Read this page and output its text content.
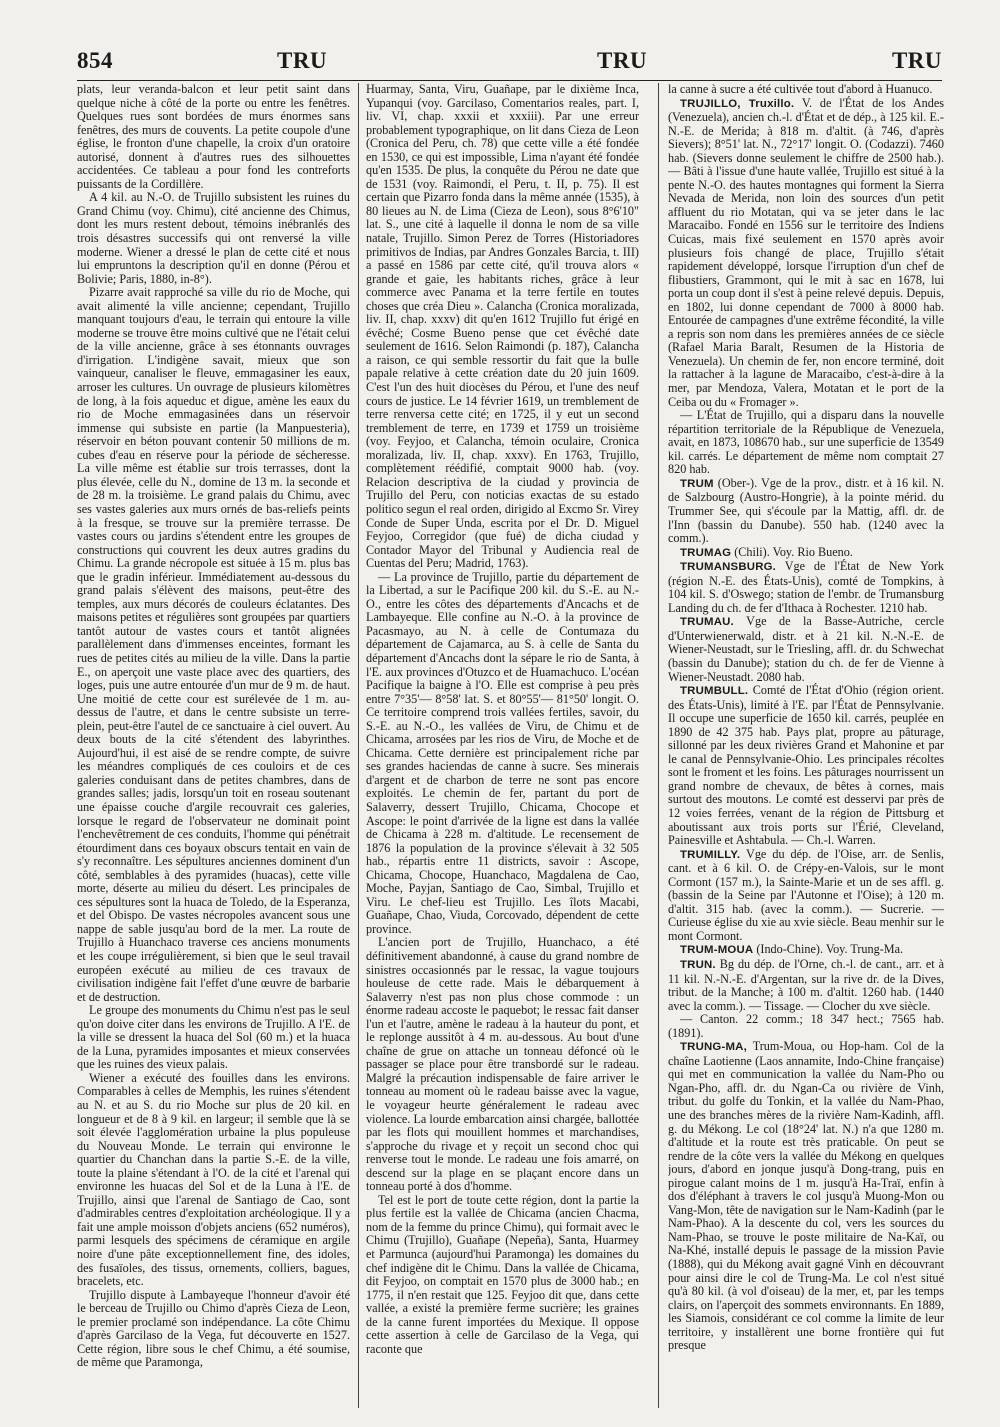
854	TRU	TRU	TRU

plats, leur veranda-balcon et leur petit saint dans quelque niche à côté de la porte ou entre les fenêtres. Quelques rues sont bordées de murs énormes sans fenêtres, des murs de couvents. La petite coupole d'une église, le fronton d'une chapelle, la croix d'un oratoire autorisé, donnent à d'autres rues des silhouettes accidentées. Ce tableau a pour fond les contreforts puissants de la Cordillère.

A 4 kil. au N.-O. de Trujillo subsistent les ruines du Grand Chimu (voy. Chimu), cité ancienne des Chimus, dont les murs restent debout, témoins inébranlés des trois désastres successifs qui ont renversé la ville moderne. Wiener a dressé le plan de cette cité et nous lui empruntons la description qu'il en donne (Pérou et Bolivie; Paris, 1880, in-8°).

Pizarre avait rapproché sa ville du rio de Moche, qui avait alimenté la ville ancienne; cependant, Trujillo manquant toujours d'eau, le terrain qui entoure la ville moderne se trouve être moins cultivé que ne l'était celui de la ville ancienne, grâce à ses étonnants ouvrages d'irrigation. L'indigène savait, mieux que son vainqueur, canaliser le fleuve, emmagasiner les eaux, arroser les cultures. Un ouvrage de plusieurs kilomètres de long, à la fois aqueduc et digue, amène les eaux du rio de Moche emmagasinées dans un réservoir immense qui subsiste en partie (la Manpuesteria), réservoir en béton pouvant contenir 50 millions de m. cubes d'eau en réserve pour la période de sécheresse. La ville même est établie sur trois terrasses, dont la plus élevée, celle du N., domine de 13 m. la seconde et de 28 m. la troisième. Le grand palais du Chimu, avec ses vastes galeries aux murs ornés de bas-reliefs peints à la fresque, se trouve sur la première terrasse. De vastes cours ou jardins s'étendent entre les groupes de constructions qui couvrent les deux autres gradins du Chimu. La grande nécropole est située à 15 m. plus bas que le gradin inférieur. Immédiatement au-dessous du grand palais s'élèvent des maisons, peut-être des temples, aux murs décorés de couleurs éclatantes. Des maisons petites et régulières sont groupées par quartiers tantôt autour de vastes cours et tantôt alignées parallèlement dans d'immenses enceintes, formant les rues de petites cités au milieu de la ville. Dans la partie E., on aperçoit une vaste place avec des quartiers, des loges, puis une autre entourée d'un mur de 9 m. de haut. Une moitié de cette cour est surélevée de 1 m. au-dessus de l'autre, et dans le centre subsiste un terre-plein, peut-être l'autel de ce sanctuaire à ciel ouvert. Au deux bouts de la cité s'étendent des labyrinthes. Aujourd'hui, il est aisé de se rendre compte, de suivre les méandres compliqués de ces couloirs et de ces galeries conduisant dans de petites chambres, dans de grandes salles; jadis, lorsqu'un toit en roseau soutenant une épaisse couche d'argile recouvrait ces galeries, lorsque le regard de l'observateur ne dominait point l'enchevêtrement de ces conduits, l'homme qui pénétrait étourdiment dans ces boyaux obscurs tentait en vain de s'y reconnaître. Les sépultures anciennes dominent d'un côté, semblables à des pyramides (huacas), cette ville morte, déserte au milieu du désert. Les principales de ces sépultures sont la huaca de Toledo, de la Esperanza, et del Obispo. De vastes nécropoles avancent sous une nappe de sable jusqu'au bord de la mer. La route de Trujillo à Huanchaco traverse ces anciens monuments et les coupe irrégulièrement, si bien que le seul travail européen exécuté au milieu de ces travaux de civilisation indigène fait l'effet d'une œuvre de barbarie et de destruction.

Le groupe des monuments du Chimu n'est pas le seul qu'on doive citer dans les environs de Trujillo. A l'E. de la ville se dressent la huaca del Sol (60 m.) et la huaca de la Luna, pyramides imposantes et mieux conservées que les ruines des vieux palais.

Wiener a exécuté des fouilles dans les environs. Comparables à celles de Memphis, les ruines s'étendent au N. et au S. du rio Moche sur plus de 20 kil. en longueur et de 8 à 9 kil. en largeur; il semble que là se soit élevée l'agglomération urbaine la plus populeuse du Nouveau Monde. Le terrain qui environne le quartier du Chanchan dans la partie S.-E. de la ville, toute la plaine s'étendant à l'O. de la cité et l'arenal qui environne les huacas del Sol et de la Luna à l'E. de Trujillo, ainsi que l'arenal de Santiago de Cao, sont d'admirables centres d'exploitation archéologique. Il y a fait une ample moisson d'objets anciens (652 numéros), parmi lesquels des spécimens de céramique en argile noire d'une pâte exceptionnellement fine, des idoles, des fusaïoles, des tissus, ornements, colliers, bagues, bracelets, etc.

Trujillo dispute à Lambayeque l'honneur d'avoir été le berceau de Trujillo ou Chimo d'après Cieza de Leon, le premier proclamé son indépendance. La côte Chimu d'après Garcilaso de la Vega, fut découverte en 1527. Cette région, libre sous le chef Chimu, a été soumise, de même que Paramonga,

Huarmay, Santa, Viru, Guañape, par le dixième Inca, Yupanqui (voy. Garcilaso, Comentarios reales, part. I, liv. VI, chap. xxxii et xxxiii). Par une erreur probablement typographique, on lit dans Cieza de Leon (Cronica del Peru, ch. 78) que cette ville a été fondée en 1530, ce qui est impossible, Lima n'ayant été fondée qu'en 1535. De plus, la conquête du Pérou ne date que de 1531 (voy. Raimondi, el Peru, t. II, p. 75). Il est certain que Pizarro fonda dans la même année (1535), à 80 lieues au N. de Lima (Cieza de Leon), sous 8°6'10" lat. S., une cité à laquelle il donna le nom de sa ville natale, Trujillo. Simon Perez de Torres (Historiadores primitivos de Indias, par Andres Gonzales Barcia, t. III) a passé en 1586 par cette cité, qu'il trouva alors « grande et gaie, les habitants riches, grâce à leur commerce avec Panama et la terre fertile en toutes choses que créa Dieu ». Calancha (Cronica moralizada, liv. II, chap. xxxv) dit qu'en 1612 Trujillo fut érigé en évêché; Cosme Bueno pense que cet évêché date seulement de 1616. Selon Raimondi (p. 187), Calancha a raison, ce qui semble ressortir du fait que la bulle papale relative à cette création date du 20 juin 1609. C'est l'un des huit diocèses du Pérou, et l'une des neuf cours de justice. Le 14 février 1619, un tremblement de terre renversa cette cité; en 1725, il y eut un second tremblement de terre, en 1739 et 1759 un troisième (voy. Feyjoo, et Calancha, témoin oculaire, Cronica moralizada, liv. II, chap. xxxv). En 1763, Trujillo, complètement réédifié, comptait 9000 hab. (voy. Relacion descriptiva de la ciudad y provincia de Trujillo del Peru, con noticias exactas de su estado politico segun el real orden, dirigido al Excmo Sr. Virey Conde de Super Unda, escrita por el Dr. D. Miguel Feyjoo, Corregidor (que fué) de dicha ciudad y Contador Mayor del Tribunal y Audiencia real de Cuentas del Peru; Madrid, 1763).

— La province de Trujillo, partie du département de la Libertad, a sur le Pacifique 200 kil. du S.-E. au N.-O., entre les côtes des départements d'Ancachs et de Lambayeque. Elle confine au N.-O. à la province de Pacasmayo, au N. à celle de Contumaza du département de Cajamarca, au S. à celle de Santa du département d'Ancachs dont la sépare le rio de Santa, à l'E. aux provinces d'Otuzco et de Huamachuco. L'océan Pacifique la baigne à l'O. Elle est comprise à peu près entre 7°35'— 8°58' lat. S. et 80°55'— 81°50' longit. O. Ce territoire comprend trois vallées fertiles, savoir, du S.-E. au N.-O., les vallées de Viru, de Chimu et de Chicama, arrosées par les rios de Viru, de Moche et de Chicama. Cette dernière est principalement riche par ses grandes haciendas de canne à sucre. Ses minerais d'argent et de charbon de terre ne sont pas encore exploités. Le chemin de fer, partant du port de Salaverry, dessert Trujillo, Chicama, Chocope et Ascope: le point d'arrivée de la ligne est dans la vallée de Chicama à 228 m. d'altitude. Le recensement de 1876 la population de la province s'élevait à 32 505 hab., répartis entre 11 districts, savoir : Ascope, Chicama, Chocope, Huanchaco, Magdalena de Cao, Moche, Payjan, Santiago de Cao, Simbal, Trujillo et Viru. Le chef-lieu est Trujillo. Les îlots Macabi, Guañape, Chao, Viuda, Corcovado, dépendent de cette province.

L'ancien port de Trujillo, Huanchaco, a été définitivement abandonné, à cause du grand nombre de sinistres occasionnés par le ressac, la vague toujours houleuse de cette rade. Mais le débarquement à Salaverry n'est pas non plus chose commode : un énorme radeau accoste le paquebot; le ressac fait danser l'un et l'autre, amène le radeau à la hauteur du pont, et le replonge aussitôt à 4 m. au-dessous. Au bout d'une chaîne de grue on attache un tonneau défoncé où le passager se place pour être transbordé sur le radeau. Malgré la précaution indispensable de faire arriver le tonneau au moment où le radeau baisse avec la vague, le voyageur heurte généralement le radeau avec violence. La lourde embarcation ainsi chargée, ballottée par les flots qui mouillent hommes et marchandises, s'approche du rivage et y reçoit un second choc qui renverse tout le monde. Le radeau une fois amarré, on descend sur la plage en se plaçant encore dans un tonneau porté à dos d'homme.

Tel est le port de toute cette région, dont la partie la plus fertile est la vallée de Chicama (ancien Chacma, nom de la femme du prince Chimu), qui formait avec le Chimu (Trujillo), Guañape (Nepeña), Santa, Huarmey et Parmunca (aujourd'hui Paramonga) les domaines du chef indigène dit le Chimu. Dans la vallée de Chicama, dit Feyjoo, on comptait en 1570 plus de 3000 hab.; en 1775, il n'en restait que 125. Feyjoo dit que, dans cette vallée, a existé la première ferme sucrière; les graines de la canne furent importées du Mexique. Il oppose cette assertion à celle de Garcilaso de la Vega, qui raconte que

la canne à sucre a été cultivée tout d'abord à Huanuco.

TRUJILLO, Truxillo. V. de l'État de los Andes (Venezuela), ancien ch.-l. d'État et de dép., à 125 kil. E.-N.-E. de Merida; à 818 m. d'altit. (à 746, d'après Sievers); 8°51' lat. N., 72°17' longit. O. (Codazzi). 7460 hab. (Sievers donne seulement le chiffre de 2500 hab.). — Bâti à l'issue d'une haute vallée, Trujillo est situé à la pente N.-O. des hautes montagnes qui forment la Sierra Nevada de Merida, non loin des sources d'un petit affluent du rio Motatan, qui va se jeter dans le lac Maracaibo. Fondé en 1556 sur le territoire des Indiens Cuicas, mais fixé seulement en 1570 après avoir plusieurs fois changé de place, Trujillo s'était rapidement développé, lorsque l'irruption d'un chef de flibustiers, Grammont, qui le mit à sac en 1678, lui porta un coup dont il s'est à peine relevé depuis. Depuis, en 1802, lui donne cependant de 7000 à 8000 hab. Entourée de campagnes d'une extrême fécondité, la ville a repris son nom dans les premières années de ce siècle (Rafael Maria Baralt, Resumen de la Historia de Venezuela). Un chemin de fer, non encore terminé, doit la rattacher à la lagune de Maracaibo, c'est-à-dire à la mer, par Mendoza, Valera, Motatan et le port de la Ceiba ou du « Fromager ».

— L'État de Trujillo, qui a disparu dans la nouvelle répartition territoriale de la République de Venezuela, avait, en 1873, 108670 hab., sur une superficie de 13549 kil. carrés. Le département de même nom comptait 27 820 hab.

TRUM (Ober-). Vge de la prov., distr. et à 16 kil. N. de Salzbourg (Austro-Hongrie), à la pointe mérid. du Trummer See, qui s'écoule par la Mattig, affl. dr. de l'Inn (bassin du Danube). 550 hab. (1240 avec la comm.).

TRUMAG (Chili). Voy. Rio Bueno.

TRUMANSBURG. Vge de l'État de New York (région N.-E. des États-Unis), comté de Tompkins, à 104 kil. S. d'Oswego; station de l'embr. de Trumansburg Landing du ch. de fer d'Ithaca à Rochester. 1210 hab.

TRUMAU. Vge de la Basse-Autriche, cercle d'Unterwienerwald, distr. et à 21 kil. N.-N.-E. de Wiener-Neustadt, sur le Triesling, affl. dr. du Schwechat (bassin du Danube); station du ch. de fer de Vienne à Wiener-Neustadt. 2080 hab.

TRUMBULL. Comté de l'État d'Ohio (région orient. des États-Unis), limité à l'E. par l'État de Pennsylvanie. Il occupe une superficie de 1650 kil. carrés, peuplée en 1890 de 42 375 hab. Pays plat, propre au pâturage, sillonné par les deux rivières Grand et Mahonine et par le canal de Pennsylvanie-Ohio. Les principales récoltes sont le froment et les foins. Les pâturages nourrissent un grand nombre de chevaux, de bêtes à cornes, mais surtout des moutons. Le comté est desservi par près de 12 voies ferrées, venant de la région de Pittsburg et aboutissant aux trois ports sur l'Érié, Cleveland, Painesville et Ashtabula. — Ch.-l. Warren.

TRUMILLY. Vge du dép. de l'Oise, arr. de Senlis, cant. et à 6 kil. O. de Crépy-en-Valois, sur le mont Cormont (157 m.), la Sainte-Marie et un de ses affl. g. (bassin de la Seine par l'Autonne et l'Oise); à 120 m. d'altit. 315 hab. (avec la comm.). — Sucrerie. — Curieuse église du xie au xvie siècle. Beau menhir sur le mont Cormont.

TRUM-MOUA (Indo-Chine). Voy. Trung-Ma.

TRUN. Bg du dép. de l'Orne, ch.-l. de cant., arr. et à 11 kil. N.-N.-E. d'Argentan, sur la rive dr. de la Dives, tribut. de la Manche; à 100 m. d'altit. 1260 hab. (1440 avec la comm.). — Tissage. — Clocher du xve siècle.

— Canton. 22 comm.; 18 347 hect.; 7565 hab. (1891).

TRUNG-MA, Trum-Moua, ou Hop-ham. Col de la chaîne Laotienne (Laos annamite, Indo-Chine française) qui met en communication la vallée du Nam-Pho ou Ngan-Pho, affl. dr. du Ngan-Ca ou rivière de Vinh, tribut. du golfe du Tonkin, et la vallée du Nam-Phao, une des branches mères de la rivière Nam-Kadinh, affl. g. du Mékong. Le col (18°24' lat. N.) n'a que 1280 m. d'altitude et la route est très praticable. On peut se rendre de la côte vers la vallée du Mékong en quelques jours, d'abord en jonque jusqu'à Dong-trang, puis en pirogue calant moins de 1 m. jusqu'à Ha-Traï, enfin à dos d'éléphant à travers le col jusqu'à Muong-Mon ou Vang-Mon, tête de navigation sur le Nam-Kadinh (par le Nam-Phao). A la descente du col, vers les sources du Nam-Phao, se trouve le poste militaire de Na-Kaï, ou Na-Khé, installé depuis le passage de la mission Pavie (1888), qui du Mékong avait gagné Vinh en découvrant pour ainsi dire le col de Trung-Ma. Le col n'est situé qu'à 80 kil. (à vol d'oiseau) de la mer, et, par les temps clairs, on l'aperçoit des sommets environnants. En 1889, les Siamois, considérant ce col comme la limite de leur territoire, y installèrent une borne frontière qui fut presque
